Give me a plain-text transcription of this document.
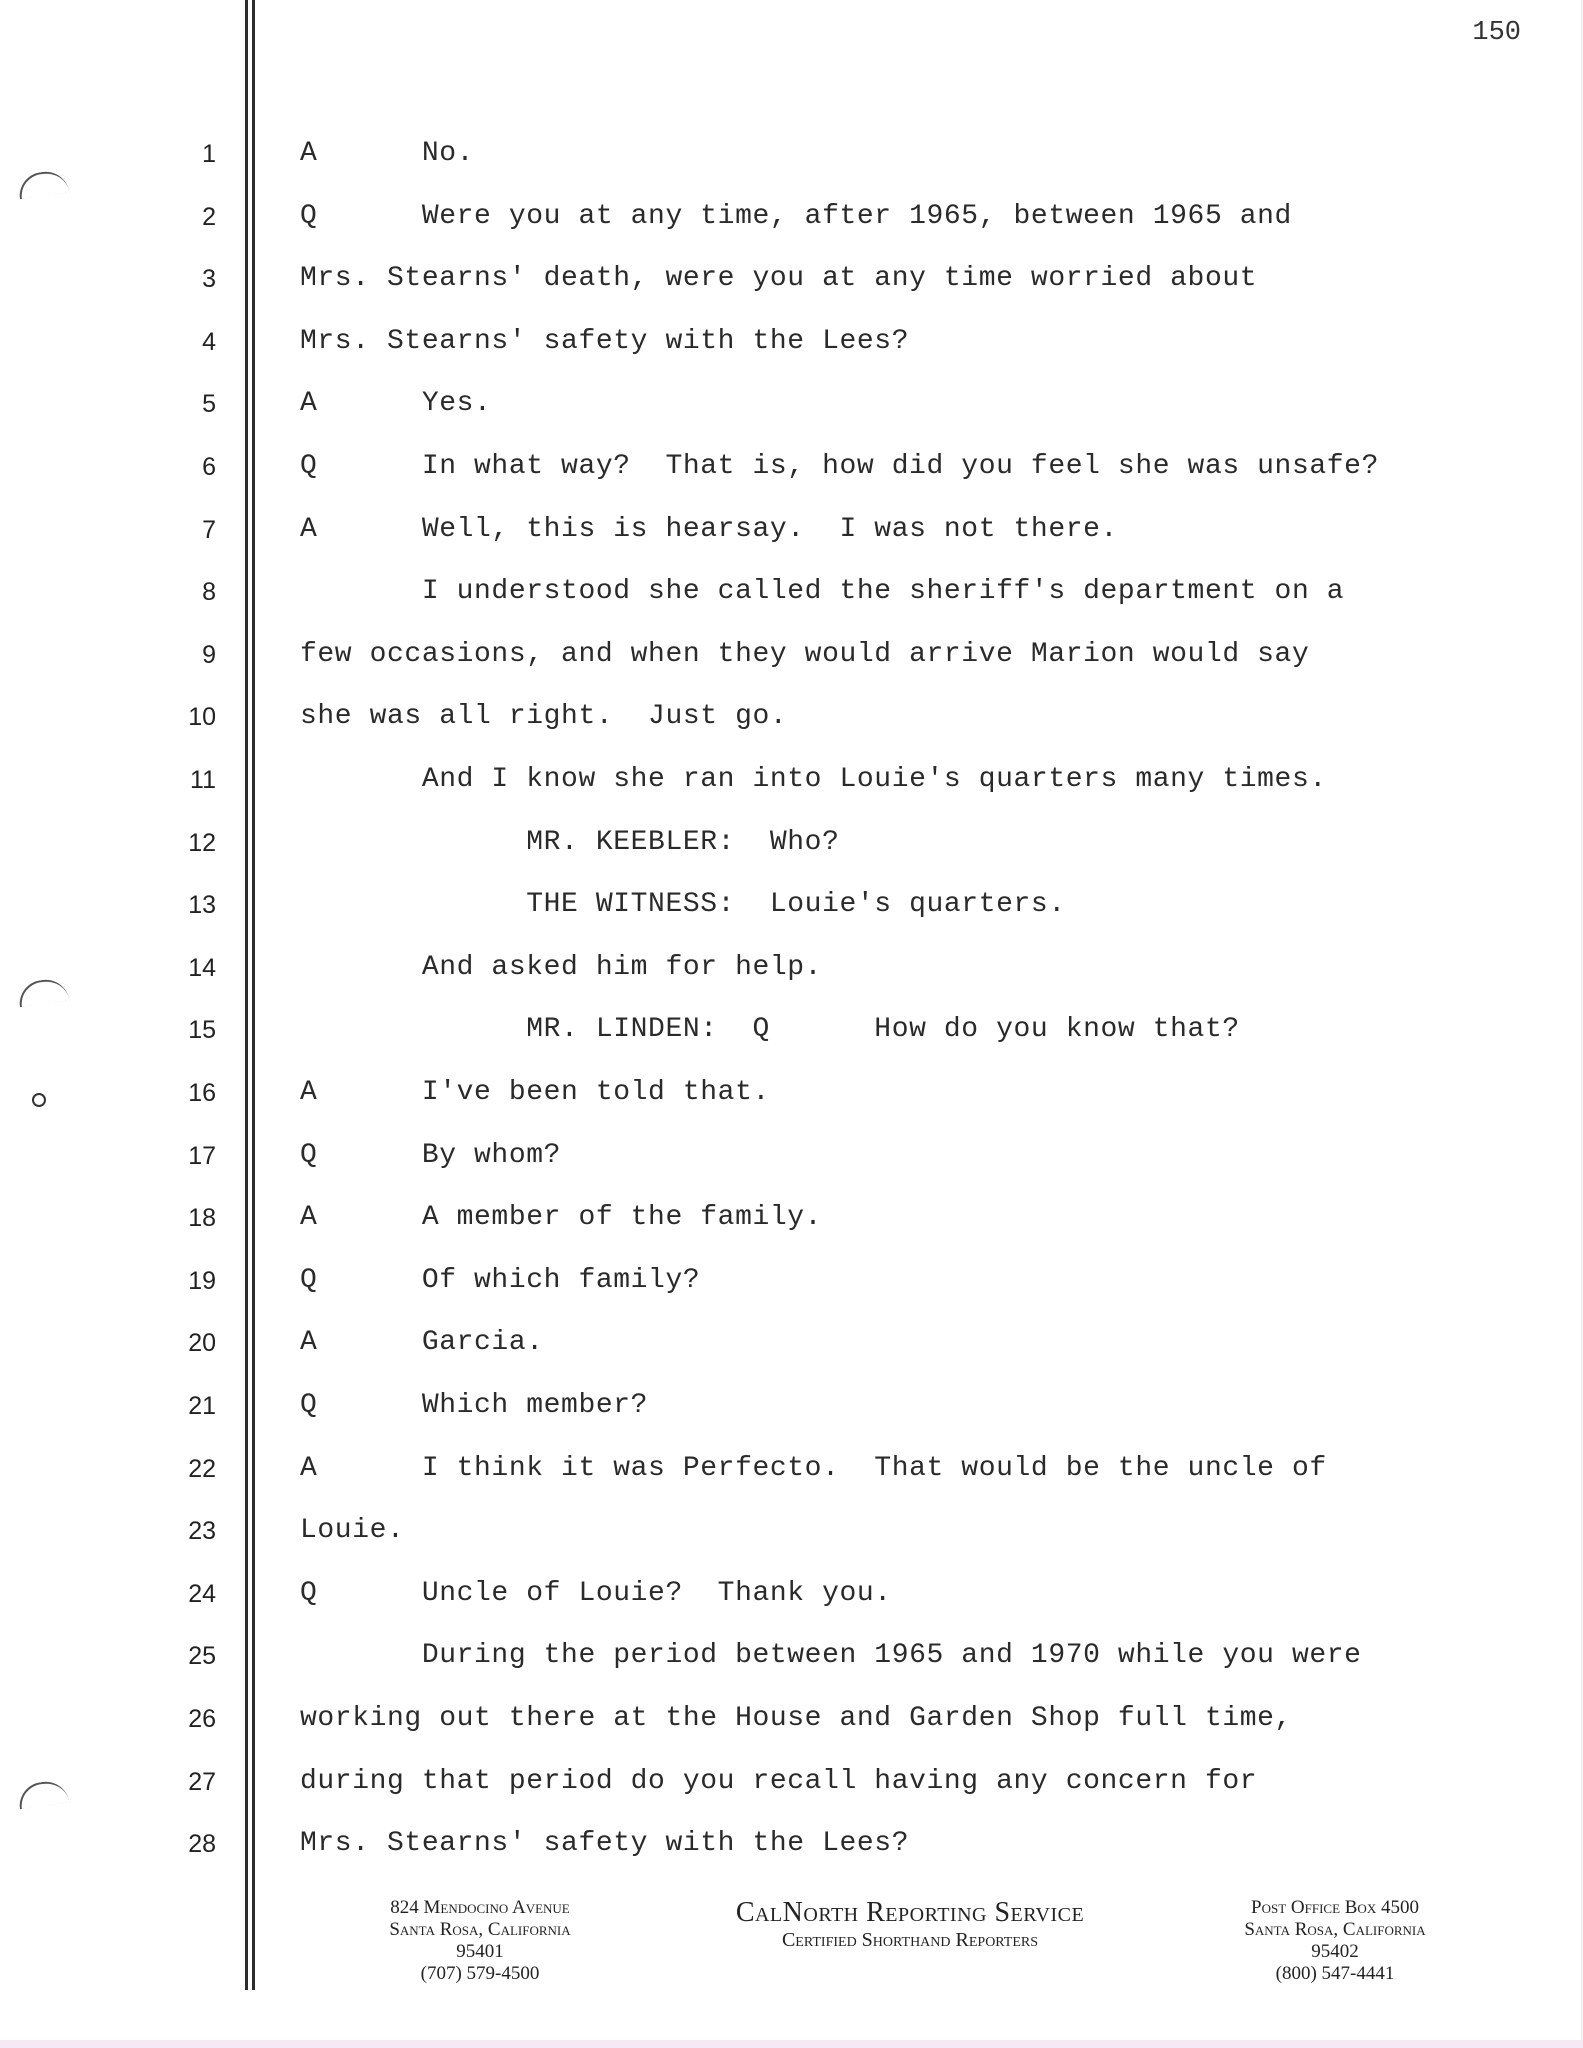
150
1	A      No.
2	Q      Were you at any time, after 1965, between 1965 and
3	Mrs. Stearns' death, were you at any time worried about
4	Mrs. Stearns' safety with the Lees?
5	A      Yes.
6	Q      In what way?  That is, how did you feel she was unsafe?
7	A      Well, this is hearsay.  I was not there.
8	I understood she called the sheriff's department on a
9	few occasions, and when they would arrive Marion would say
10	she was all right.  Just go.
11	And I know she ran into Louie's quarters many times.
12	MR. KEEBLER:  Who?
13	THE WITNESS:  Louie's quarters.
14	And asked him for help.
15	MR. LINDEN:  Q      How do you know that?
16	A      I've been told that.
17	Q      By whom?
18	A      A member of the family.
19	Q      Of which family?
20	A      Garcia.
21	Q      Which member?
22	A      I think it was Perfecto.  That would be the uncle of
23	Louie.
24	Q      Uncle of Louie?  Thank you.
25	During the period between 1965 and 1970 while you were
26	working out there at the House and Garden Shop full time,
27	during that period do you recall having any concern for
28	Mrs. Stearns' safety with the Lees?
824 Mendocino Avenue
Santa Rosa, California
95401
(707) 579-4500
CalNorth Reporting Service
Certified Shorthand Reporters
Post Office Box 4500
Santa Rosa, California
95402
(800) 547-4441
